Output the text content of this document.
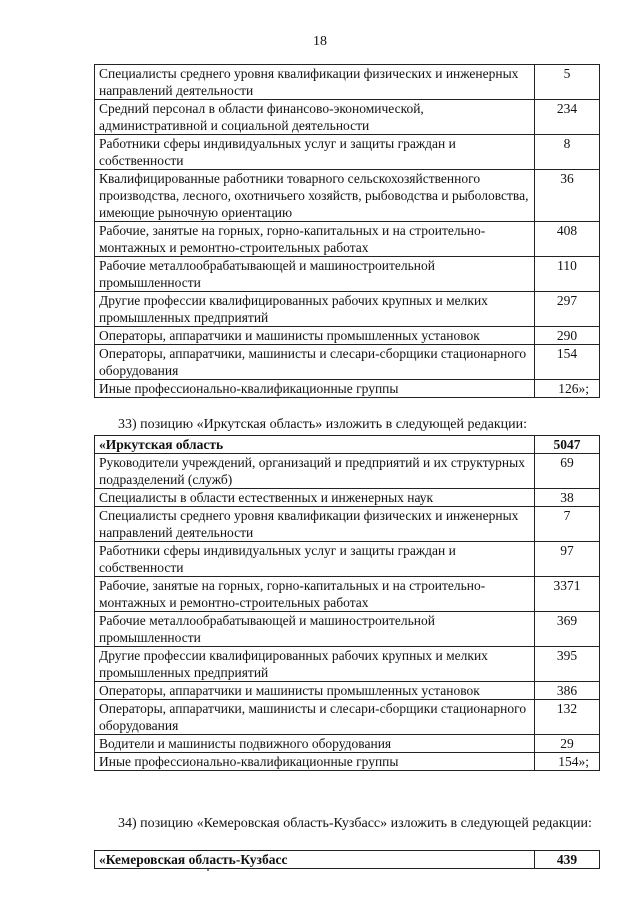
18
Специалисты среднего уровня квалификации физических и инженерных направлений деятельности	5
Средний персонал в области финансово-экономической, административной и социальной деятельности	234
Работники сферы индивидуальных услуг и защиты граждан и собственности	8
Квалифицированные работники товарного сельскохозяйственного производства, лесного, охотничьего хозяйств, рыбоводства и рыболовства, имеющие рыночную ориентацию	36
Рабочие, занятые на горных, горно-капитальных и на строительно-монтажных и ремонтно-строительных работах	408
Рабочие металлообрабатывающей и машиностроительной промышленности	110
Другие профессии квалифицированных рабочих крупных и мелких промышленных предприятий	297
Операторы, аппаратчики и машинисты промышленных установок	290
Операторы, аппаратчики, машинисты и слесари-сборщики стационарного оборудования	154
Иные профессионально-квалификационные группы	126»;
33) позицию «Иркутская область» изложить в следующей редакции:
«Иркутская область	5047
Руководители учреждений, организаций и предприятий и их структурных подразделений (служб)	69
Специалисты в области естественных и инженерных наук	38
Специалисты среднего уровня квалификации физических и инженерных направлений деятельности	7
Работники сферы индивидуальных услуг и защиты граждан и собственности	97
Рабочие, занятые на горных, горно-капитальных и на строительно-монтажных и ремонтно-строительных работах	3371
Рабочие металлообрабатывающей и машиностроительной промышленности	369
Другие профессии квалифицированных рабочих крупных и мелких промышленных предприятий	395
Операторы, аппаратчики и машинисты промышленных установок	386
Операторы, аппаратчики, машинисты и слесари-сборщики стационарного оборудования	132
Водители и машинисты подвижного оборудования	29
Иные профессионально-квалификационные группы	154»;
34) позицию «Кемеровская область-Кузбасс» изложить в следующей редакции:
«Кемеровская область-Кузбасс	439
